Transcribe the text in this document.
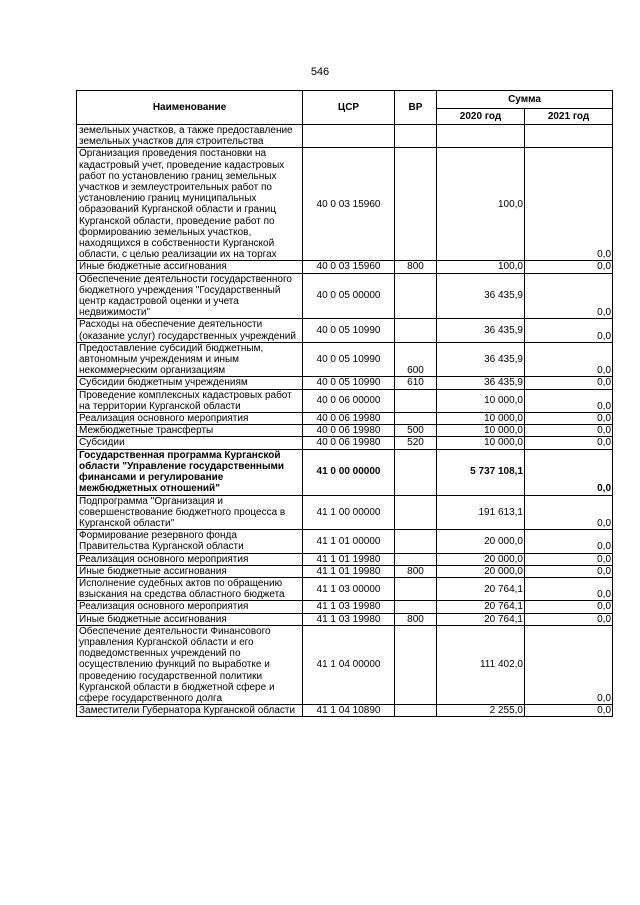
546
Наименование	ЦСР	ВР	Сумма	
			2020 год	2021 год
земельных участков, а также предоставление земельных участков для строительства				
Организация проведения постановки на кадастровый учет, проведение кадастровых работ по установлению границ земельных участков и землеустроительных работ по установлению границ муниципальных образований Курганской области и границ Курганской области, проведение работ по формированию земельных участков, находящихся в собственности Курганской области, с целью реализации их на торгах	40 0 03 15960		100,0	0,0
Иные бюджетные ассигнования	40 0 03 15960	800	100,0	0,0
Обеспечение деятельности государственного бюджетного учреждения "Государственный центр кадастровой оценки и учета недвижимости"	40 0 05 00000		36 435,9	0,0
Расходы на обеспечение деятельности (оказание услуг) государственных учреждений	40 0 05 10990		36 435,9	0,0
Предоставление субсидий бюджетным, автономным учреждениям и иным некоммерческим организациям	40 0 05 10990	600	36 435,9	0,0
Субсидии бюджетным учреждениям	40 0 05 10990	610	36 435,9	0,0
Проведение комплексных кадастровых работ на территории Курганской области	40 0 06 00000		10 000,0	0,0
Реализация основного мероприятия	40 0 06 19980		10 000,0	0,0
Межбюджетные трансферты	40 0 06 19980	500	10 000,0	0,0
Субсидии	40 0 06 19980	520	10 000,0	0,0
Государственная программа Курганской области "Управление государственными финансами и регулирование межбюджетных отношений"	41 0 00 00000		5 737 108,1	0,0
Подпрограмма "Организация и совершенствование бюджетного процесса в Курганской области"	41 1 00 00000		191 613,1	0,0
Формирование резервного фонда Правительства Курганской области	41 1 01 00000		20 000,0	0,0
Реализация основного мероприятия	41 1 01 19980		20 000,0	0,0
Иные бюджетные ассигнования	41 1 01 19980	800	20 000,0	0,0
Исполнение судебных актов по обращению взыскания на средства областного бюджета	41 1 03 00000		20 764,1	0,0
Реализация основного мероприятия	41 1 03 19980		20 764,1	0,0
Иные бюджетные ассигнования	41 1 03 19980	800	20 764,1	0,0
Обеспечение деятельности Финансового управления Курганской области и его подведомственных учреждений по осуществлению функций по выработке и проведению государственной политики Курганской области в бюджетной сфере и сфере государственного долга	41 1 04 00000		111 402,0	0,0
Заместители Губернатора Курганской области	41 1 04 10890		2 255,0	0,0
